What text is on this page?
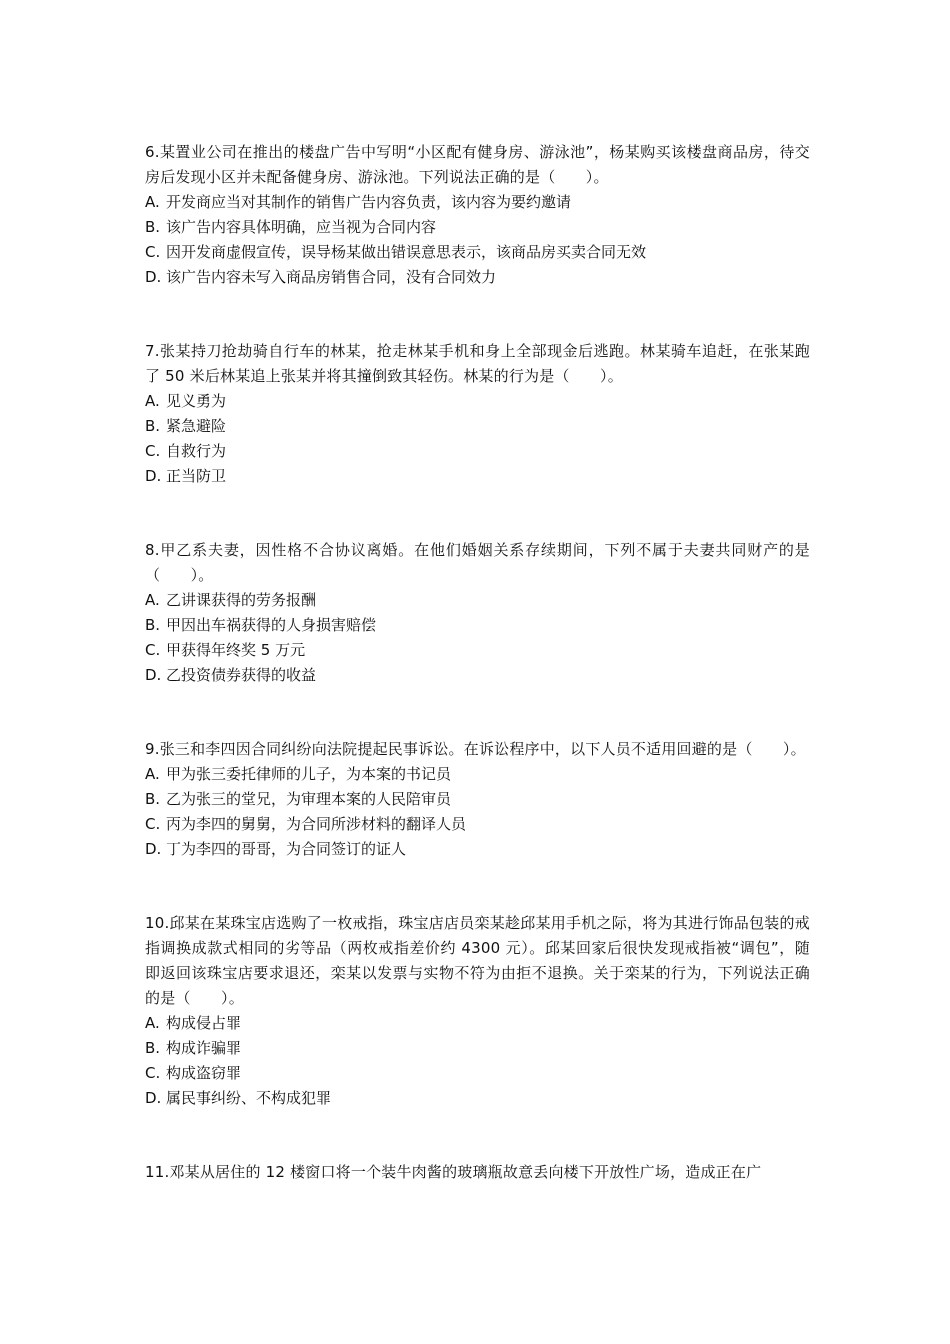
6.某置业公司在推出的楼盘广告中写明“小区配有健身房、游泳池”，杨某购买该楼盘商品房，待交房后发现小区并未配备健身房、游泳池。下列说法正确的是（　　）。

A. 开发商应当对其制作的销售广告内容负责，该内容为要约邀请
B. 该广告内容具体明确，应当视为合同内容
C. 因开发商虚假宣传，误导杨某做出错误意思表示，该商品房买卖合同无效
D. 该广告内容未写入商品房销售合同，没有合同效力

7.张某持刀抢劫骑自行车的林某，抢走林某手机和身上全部现金后逃跑。林某骑车追赶，在张某跑了 50 米后林某追上张某并将其撞倒致其轻伤。林某的行为是（　　）。

A. 见义勇为
B. 紧急避险
C. 自救行为
D. 正当防卫

8.甲乙系夫妻，因性格不合协议离婚。在他们婚姻关系存续期间，下列不属于夫妻共同财产的是（　　）。

A. 乙讲课获得的劳务报酬
B. 甲因出车祸获得的人身损害赔偿
C. 甲获得年终奖 5 万元
D. 乙投资债券获得的收益

9.张三和李四因合同纠纷向法院提起民事诉讼。在诉讼程序中，以下人员不适用回避的是（　　）。

A. 甲为张三委托律师的儿子，为本案的书记员
B. 乙为张三的堂兄，为审理本案的人民陪审员
C. 丙为李四的舅舅，为合同所涉材料的翻译人员
D. 丁为李四的哥哥，为合同签订的证人

10.邱某在某珠宝店选购了一枚戒指，珠宝店店员栾某趁邱某用手机之际，将为其进行饰品包装的戒指调换成款式相同的劣等品（两枚戒指差价约 4300 元）。邱某回家后很快发现戒指被“调包”，随即返回该珠宝店要求退还，栾某以发票与实物不符为由拒不退换。关于栾某的行为，下列说法正确的是（　　）。

A. 构成侵占罪
B. 构成诈骗罪
C. 构成盗窃罪
D. 属民事纠纷、不构成犯罪

11.邓某从居住的 12 楼窗口将一个装牛肉酱的玻璃瓶故意丢向楼下开放性广场，造成正在广
